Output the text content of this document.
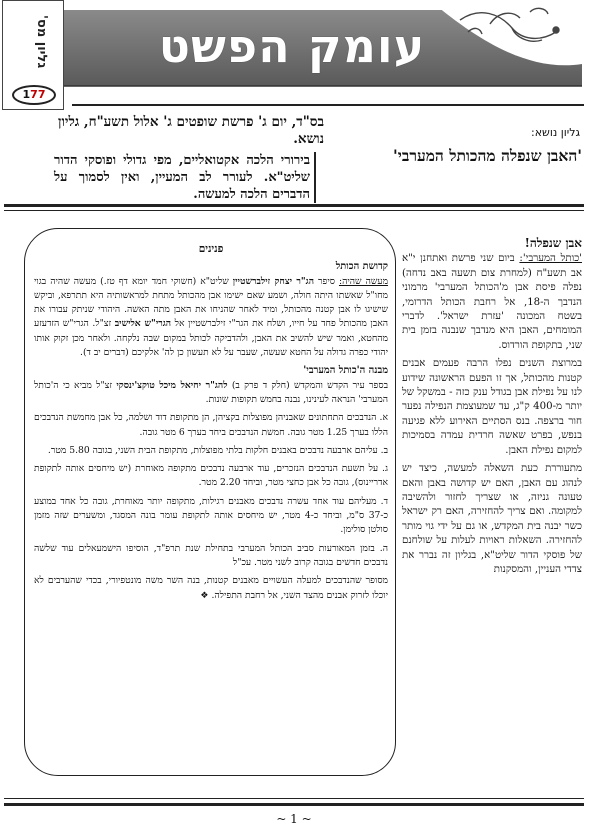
עומק הפשט
גליון מס'
177
בס"ד, יום ג' פרשת שופטים ג' אלול תשע"ח, גליון נושא.	גליון נושא:
'האבן שנפלה מהכותל המערבי'
בירורי הלכה אקטואליים, מפי גדולי ופוסקי הדור שליט"א. לעורר לב המעיין, ואין לסמוך על הדברים הלכה למעשה.
אבן שנפלה!

'כותל המערבי': ביום שני פרשת ואתחנן י"א אב תשע"ח (למחרת צום תשעה באב נדחה) נפלה פיסת אבן מ'הכותל המערבי' מרמוני הנדבך ה-18, אל רחבת הכותל הדרומי, בשטח המכונה 'עזרת ישראל'. לדברי המומחים, האבן היא מנדבך שנבנה בזמן בית שני, בתקופת הורדוס.

במרוצת השנים נפלו הרבה פעמים אבנים קטנות מהכותל, אך זו הפעם הראשונה שידוע לנו על נפילת אבן בגודל ענק כזה - במשקל של יותר מ-400 ק"ג, עד שמעוצמת הנפילה נפער חור ברצפה. בנס הסתיים האירוע ללא פגיעה בנפש, בפרט שאשה חרדית עמדה בסמיכות למקום נפילת האבן.

מתעוררת כעת השאלה למעשה, כיצד יש לנהוג עם האבן, האם יש קדושה באבן והאם טעונה גניזה, או שצריך לחזור ולהשיבה למקומה. ואם צריך להחזירה, האם רק ישראל כשר יבנה בית המקדש, או גם על ידי גוי מותר להחזירה. השאלות ראויות לעלות על שולחנם של פוסקי הדור שליט"א, בגליון זה נברר את צדדי העניין, והמסקנות

פנינים
קדושת הכותל

מעשה שהיה: סיפר הג"ר יצחק זילברשטיין שליט"א (חשוקי חמד יומא דף טז.) מעשה שהיה בגוי מחו"ל שאשתו היתה חולה, ושמע שאם ישימו אבן מהכותל מתחת למראשותיה היא תתרפא, וביקש שישיגו לו אבן קטנה מהכותל, ומיד לאחר שהניחו את האבן מתה האשה. היהודי שניתק עבורו את האבן מהכותל פחד על חייו, ושלח את הגר"י זילברשטיין אל הגרי"ש אלישיב זצ"ל. הגרי"ש הזדעזע מהחטא, ואמר שיש להשיב את האבן, ולהדביקה לכותל במקום שבה נלקחה. ולאחר מכן זקוק אותו יהודי כפרה גדולה על החטא שעשה, שעבר על לא תעשון כן לה' אלקיכם (דברים יב ד).

מבנה ה'כותל המערבי'

בספר עיר הקדש והמקדש (חלק ד פרק ב) להג"ר יחיאל מיכל טוקצ'ינסקי זצ"ל מביא כי ה'כותל המערבי' הנראה לעינינו, נבנה בחמש תקופות שונות.

א. הנדבכים התחתונים שאבניהן מפוצלות בקציהן, הן מתקופת דוד ושלמה, כל אבן מחמשת הנדבכים הללו בערך 1.25 מטר גובה. חמשת הנדבכים ביחד בערך 6 מטר גובה.

ב. עליהם ארבעה נדבכים באבנים חלקות בלתי מפוצלות, מתקופת הבית השני, בגובה 5.80 מטר.

ג. על תשעת הנדבכים הנזכרים, עוד ארבעה נדבכים מתקופה מאוחרת (יש מיחסים אותה לתקופת אדריינוס), גובה כל אבן כחצי מטר, וביחד 2.20 מטר.

ד. מעליהם עוד אחד עשרה נדבכים מאבנים רגילות, מתקופה יותר מאוחרת, גובה כל אחד במוצע כ-37 ס"מ, וביחד כ-4 מטר, יש מיחסים אותה לתקופת עומר בונה המסגד, ומשערים שזה מזמן סולטן סולימן.

ה. בזמן המאורעות סביב הכותל המערבי בתחילת שנת תרפ"ד, הוסיפו הישמעאלים עוד שלשה נדבכים חדשים בגובה קרוב לשני מטר. עכ"ל

מסופר שהנדבכים למעלה העשויים מאבנים קטנות, בנה השר משה מונטפיורי, בכדי שהערבים לא יוכלו לזרוק אבנים מהצד השני, אל רחבת התפילה. ❖

~ 1 ~
